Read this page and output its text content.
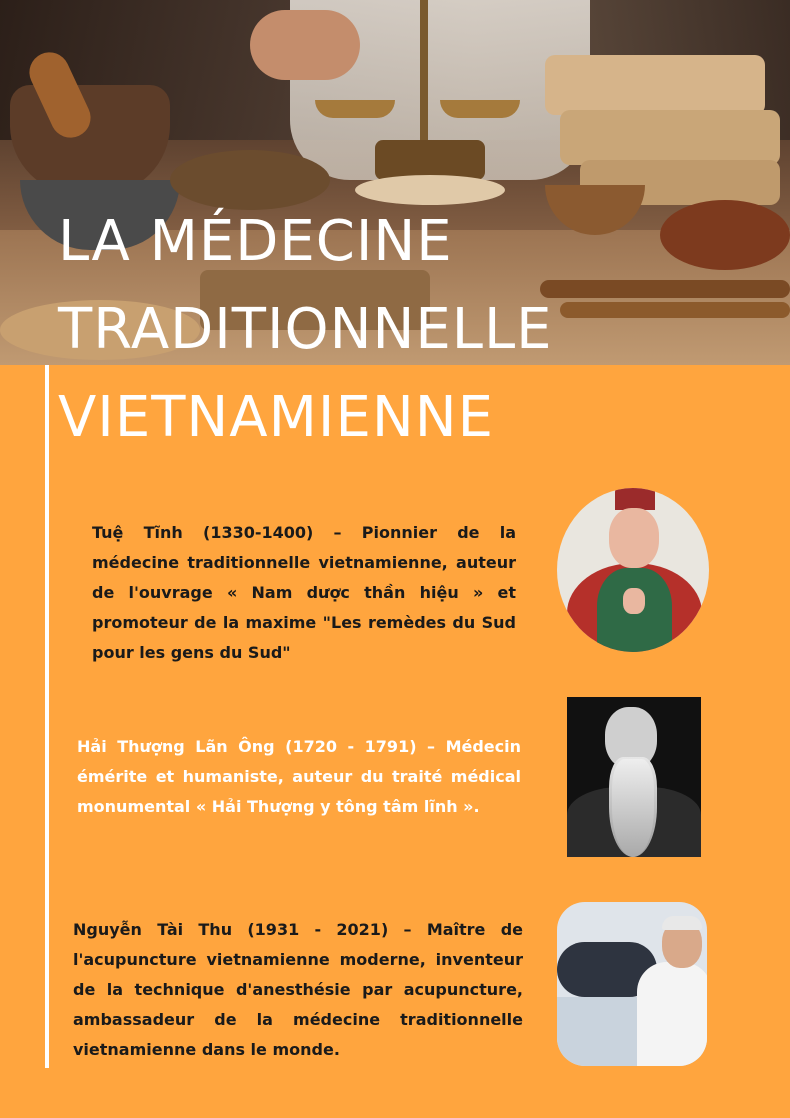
LA MÉDECINE
TRADITIONNELLE
VIETNAMIENNE

Tuệ Tĩnh (1330-1400) – Pionnier de la médecine traditionnelle vietnamienne, auteur de l'ouvrage « Nam dược thần hiệu » et promoteur de la maxime "Les remèdes du Sud pour les gens du Sud"

Hải Thượng Lãn Ông (1720 - 1791) – Médecin émérite et humaniste, auteur du traité médical monumental « Hải Thượng y tông tâm lĩnh ».

Nguyễn Tài Thu (1931 - 2021) – Maître de l'acupuncture vietnamienne moderne, inventeur de la technique d'anesthésie par acupuncture, ambassadeur de la médecine traditionnelle vietnamienne dans le monde.
